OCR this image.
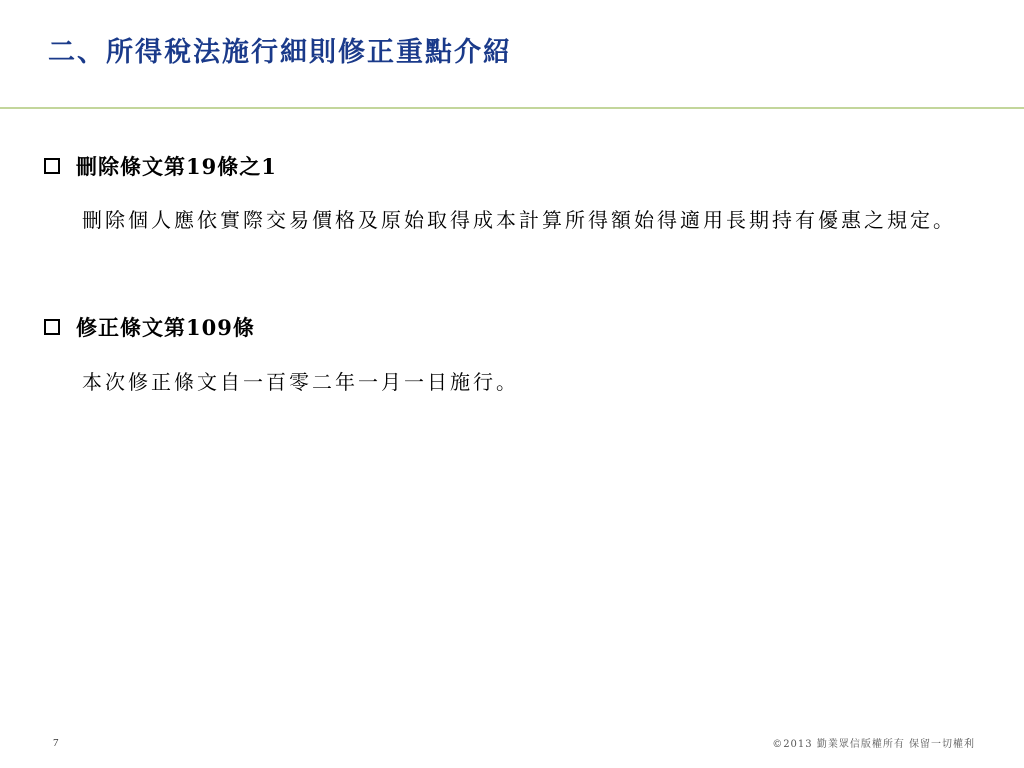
二、所得稅法施行細則修正重點介紹
刪除條文第19條之1
刪除個人應依實際交易價格及原始取得成本計算所得額始得適用長期持有優惠之規定。
修正條文第109條
本次修正條文自一百零二年一月一日施行。
7	©2013 勤業眾信版權所有 保留一切權利
